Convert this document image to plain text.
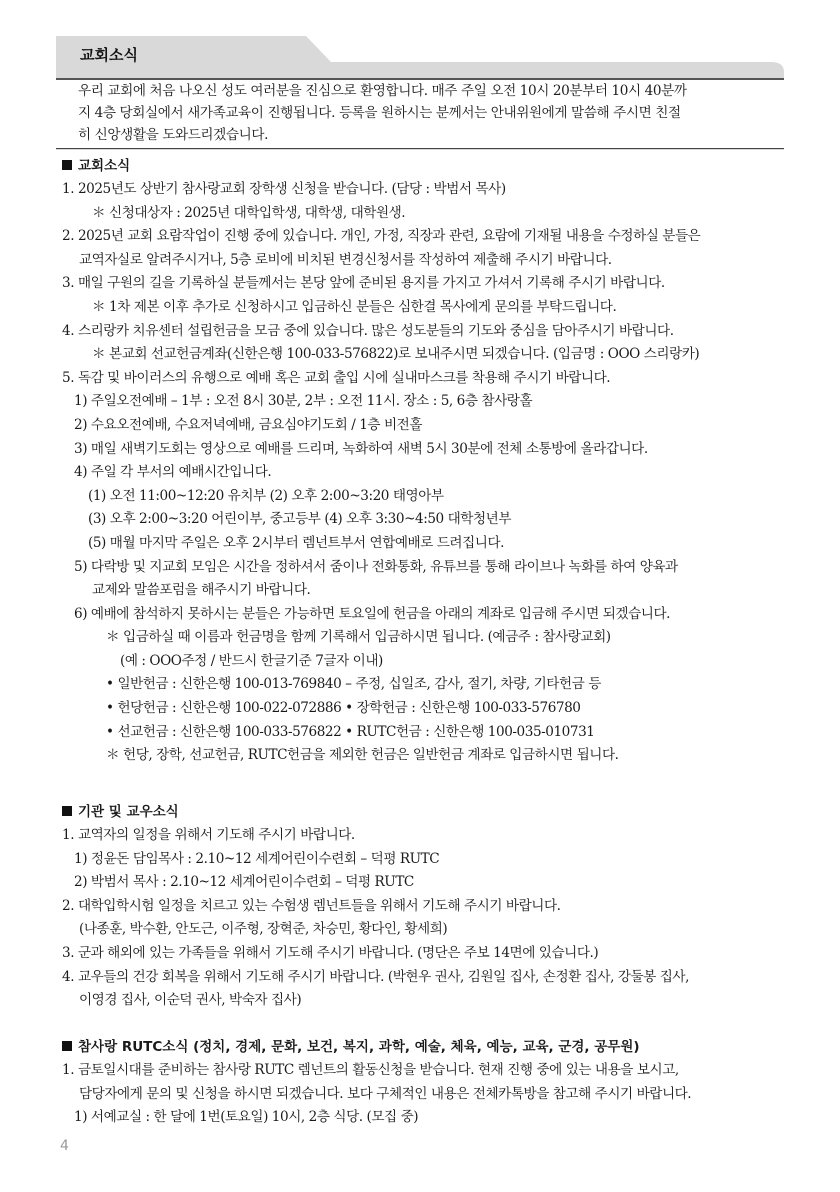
교회소식
우리 교회에 처음 나오신 성도 여러분을 진심으로 환영합니다. 매주 주일 오전 10시 20분부터 10시 40분까
지 4층 당회실에서 새가족교육이 진행됩니다. 등록을 원하시는 분께서는 안내위원에게 말씀해 주시면 친절
히 신앙생활을 도와드리겠습니다.
교회소식
1. 2025년도 상반기 참사랑교회 장학생 신청을 받습니다. (담당 : 박범서 목사)
＊ 신청대상자 : 2025년 대학입학생, 대학생, 대학원생.
2. 2025년 교회 요람작업이 진행 중에 있습니다. 개인, 가정, 직장과 관련, 요람에 기재될 내용을 수정하실 분들은
교역자실로 알려주시거나, 5층 로비에 비치된 변경신청서를 작성하여 제출해 주시기 바랍니다.
3. 매일 구원의 길을 기록하실 분들께서는 본당 앞에 준비된 용지를 가지고 가셔서 기록해 주시기 바랍니다.
＊ 1차 제본 이후 추가로 신청하시고 입금하신 분들은 심한결 목사에게 문의를 부탁드립니다.
4. 스리랑카 치유센터 설립헌금을 모금 중에 있습니다. 많은 성도분들의 기도와 중심을 담아주시기 바랍니다.
＊ 본교회 선교헌금계좌(신한은행 100-033-576822)로 보내주시면 되겠습니다. (입금명 : OOO 스리랑카)
5. 독감 및 바이러스의 유행으로 예배 혹은 교회 출입 시에 실내마스크를 착용해 주시기 바랍니다.
1) 주일오전예배 – 1부 : 오전 8시 30분, 2부 : 오전 11시. 장소 : 5, 6층 참사랑홀
2) 수요오전예배, 수요저녁예배, 금요심야기도회 / 1층 비전홀
3) 매일 새벽기도회는 영상으로 예배를 드리며, 녹화하여 새벽 5시 30분에 전체 소통방에 올라갑니다.
4) 주일 각 부서의 예배시간입니다.
(1) 오전 11:00~12:20 유치부 (2) 오후 2:00~3:20 태영아부
(3) 오후 2:00~3:20 어린이부, 중고등부 (4) 오후 3:30~4:50 대학청년부
(5) 매월 마지막 주일은 오후 2시부터 렘넌트부서 연합예배로 드려집니다.
5) 다락방 및 지교회 모임은 시간을 정하셔서 줌이나 전화통화, 유튜브를 통해 라이브나 녹화를 하여 양육과
교제와 말씀포럼을 해주시기 바랍니다.
6) 예배에 참석하지 못하시는 분들은 가능하면 토요일에 헌금을 아래의 계좌로 입금해 주시면 되겠습니다.
＊ 입금하실 때 이름과 헌금명을 함께 기록해서 입금하시면 됩니다. (예금주 : 참사랑교회)
(예 : OOO주정 / 반드시 한글기준 7글자 이내)
• 일반헌금 : 신한은행 100-013-769840 – 주정, 십일조, 감사, 절기, 차량, 기타헌금 등
• 헌당헌금 : 신한은행 100-022-072886 • 장학헌금 : 신한은행 100-033-576780
• 선교헌금 : 신한은행 100-033-576822 • RUTC헌금 : 신한은행 100-035-010731
＊ 헌당, 장학, 선교헌금, RUTC헌금을 제외한 헌금은 일반헌금 계좌로 입금하시면 됩니다.
기관 및 교우소식
1. 교역자의 일정을 위해서 기도해 주시기 바랍니다.
1) 정윤돈 담임목사 : 2.10~12 세계어린이수련회 – 덕평 RUTC
2) 박범서 목사 : 2.10~12 세계어린이수련회 – 덕평 RUTC
2. 대학입학시험 일정을 치르고 있는 수험생 렘넌트들을 위해서 기도해 주시기 바랍니다.
(나종훈, 박수환, 안도근, 이주형, 장혁준, 차승민, 황다인, 황세희)
3. 군과 해외에 있는 가족들을 위해서 기도해 주시기 바랍니다. (명단은 주보 14면에 있습니다.)
4. 교우들의 건강 회복을 위해서 기도해 주시기 바랍니다. (박현우 권사, 김원일 집사, 손정환 집사, 강둘봉 집사,
이영경 집사, 이순덕 권사, 박숙자 집사)
참사랑 RUTC소식 (정치, 경제, 문화, 보건, 복지, 과학, 예술, 체육, 예능, 교육, 군경, 공무원)
1. 금토일시대를 준비하는 참사랑 RUTC 렘넌트의 활동신청을 받습니다. 현재 진행 중에 있는 내용을 보시고,
담당자에게 문의 및 신청을 하시면 되겠습니다. 보다 구체적인 내용은 전체카톡방을 참고해 주시기 바랍니다.
1) 서예교실 : 한 달에 1번(토요일) 10시, 2층 식당. (모집 중)
4
